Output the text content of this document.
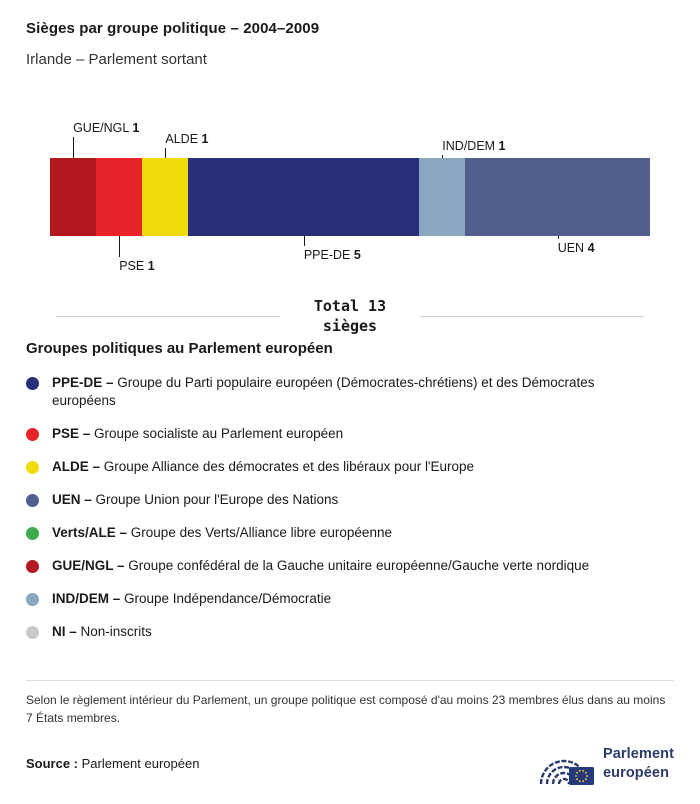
Sièges par groupe politique – 2004–2009
Irlande – Parlement sortant
GUE/NGL 1
PSE 1
ALDE 1
PPE-DE 5
IND/DEM 1
UEN 4
Total 13
sièges
Groupes politiques au Parlement européen
PPE-DE – Groupe du Parti populaire européen (Démocrates-chrétiens) et des Démocrates européens
PSE – Groupe socialiste au Parlement européen
ALDE – Groupe Alliance des démocrates et des libéraux pour l'Europe
UEN – Groupe Union pour l'Europe des Nations
Verts/ALE – Groupe des Verts/Alliance libre européenne
GUE/NGL – Groupe confédéral de la Gauche unitaire européenne/Gauche verte nordique
IND/DEM – Groupe Indépendance/Démocratie
NI – Non-inscrits

Selon le règlement intérieur du Parlement, un groupe politique est composé d'au moins 23 membres élus dans au moins 7 États membres.

Source : Parlement européen
Parlement
européen
